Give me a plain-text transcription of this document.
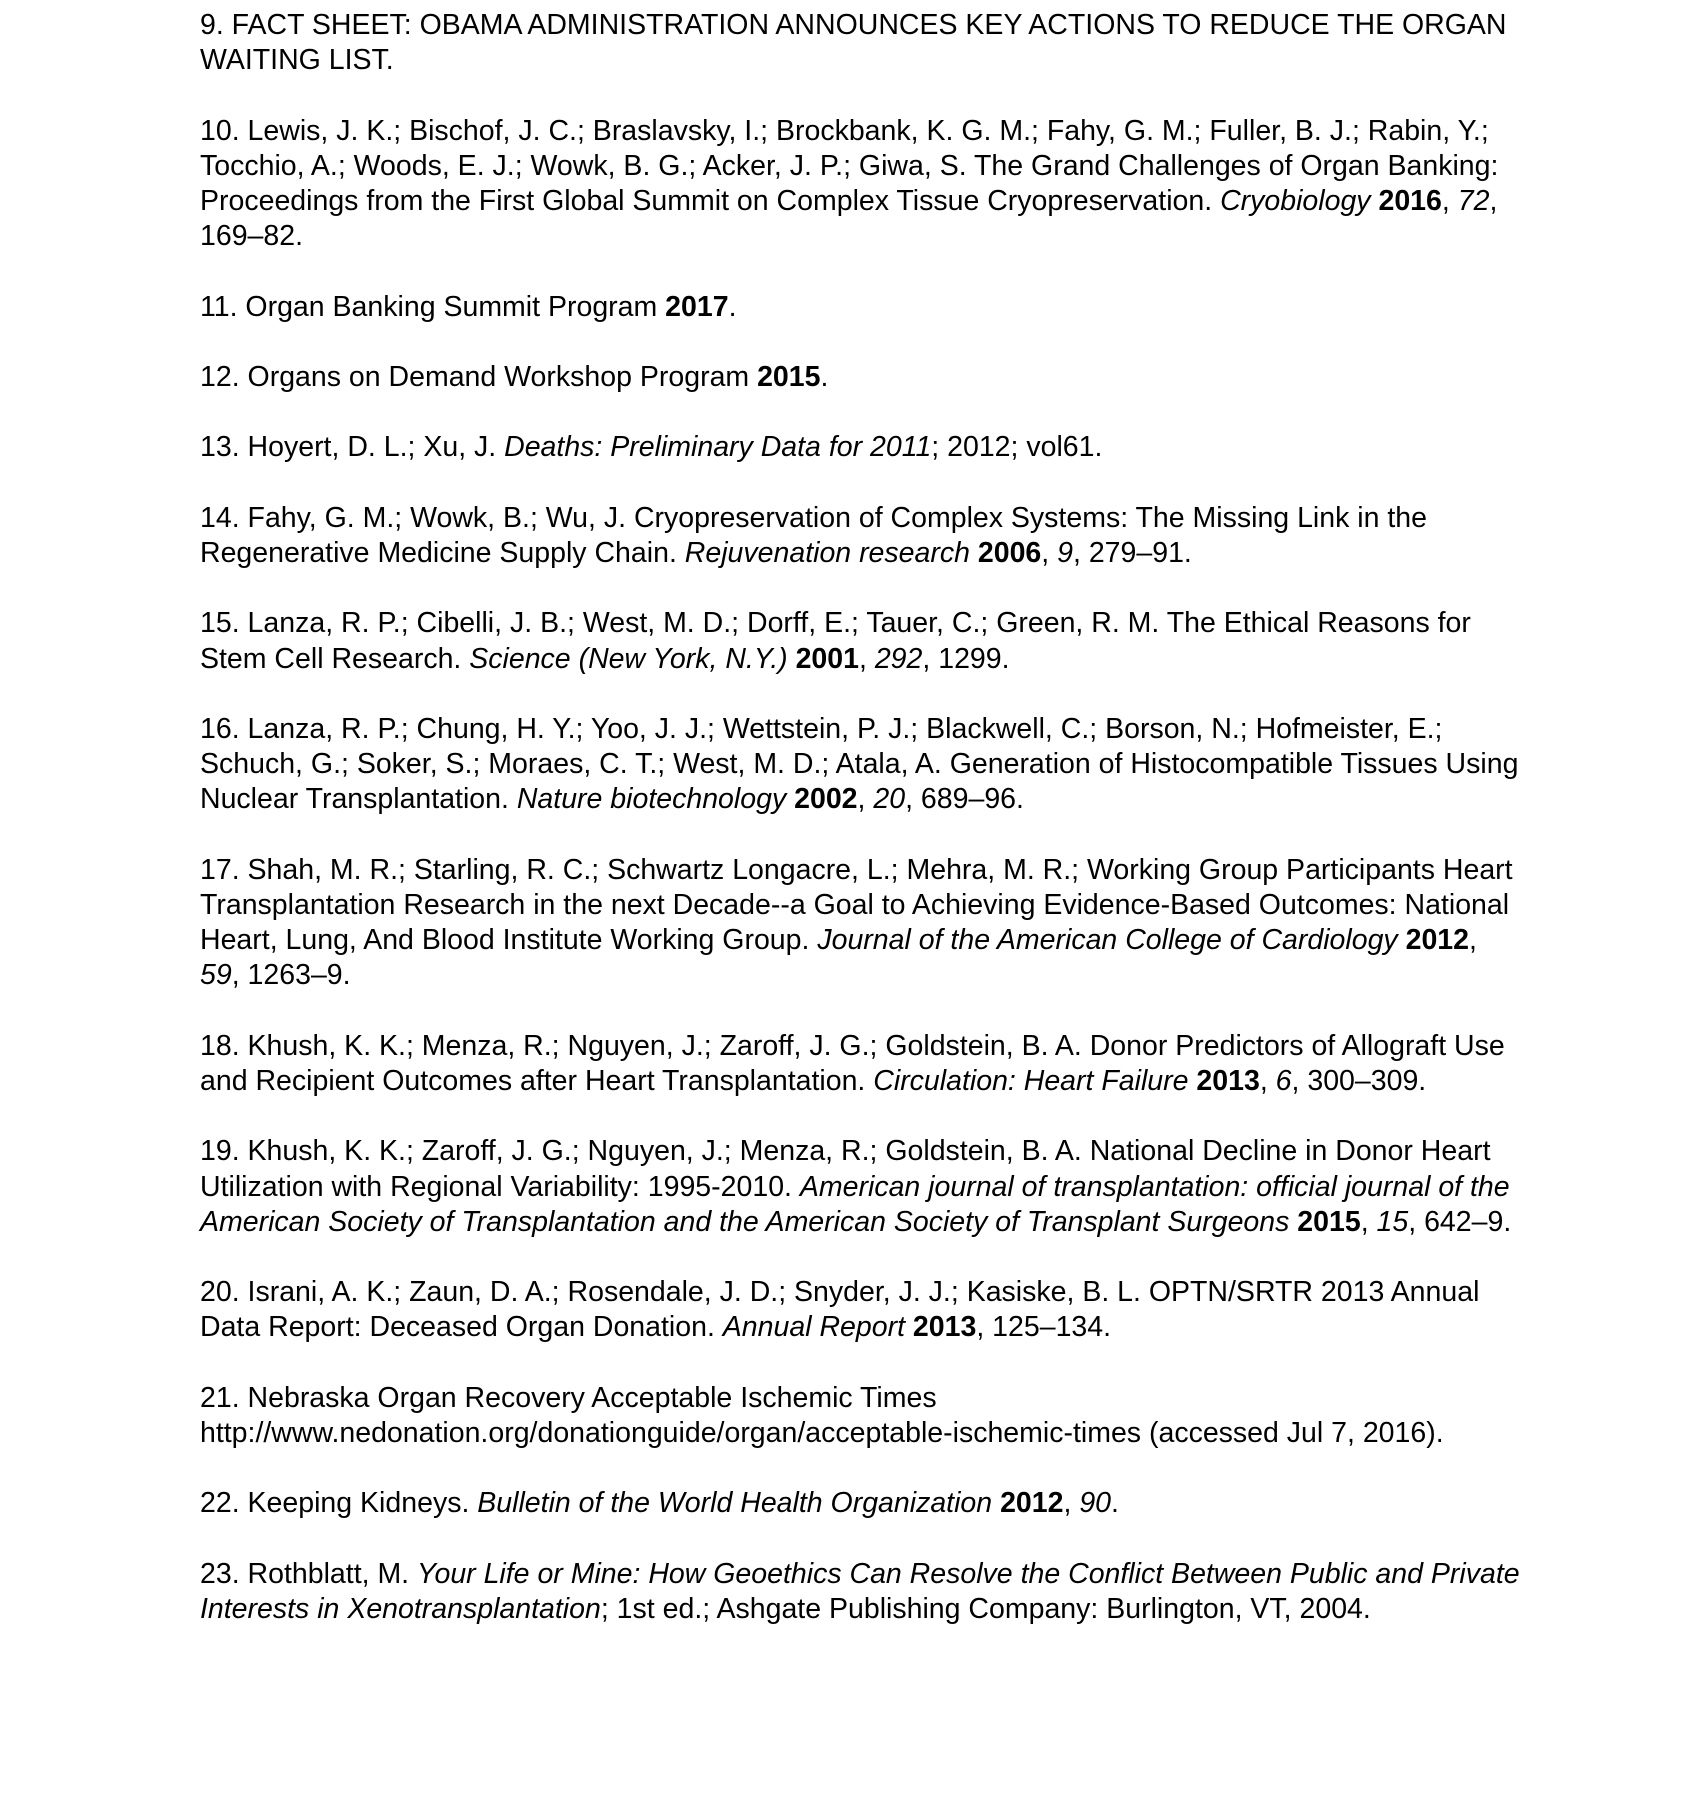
9. FACT SHEET: OBAMA ADMINISTRATION ANNOUNCES KEY ACTIONS TO REDUCE THE ORGAN WAITING LIST.

10. Lewis, J. K.; Bischof, J. C.; Braslavsky, I.; Brockbank, K. G. M.; Fahy, G. M.; Fuller, B. J.; Rabin, Y.; Tocchio, A.; Woods, E. J.; Wowk, B. G.; Acker, J. P.; Giwa, S. The Grand Challenges of Organ Banking: Proceedings from the First Global Summit on Complex Tissue Cryopreservation. Cryobiology 2016, 72, 169–82.

11. Organ Banking Summit Program 2017.

12. Organs on Demand Workshop Program 2015.

13. Hoyert, D. L.; Xu, J. Deaths: Preliminary Data for 2011; 2012; vol61.

14. Fahy, G. M.; Wowk, B.; Wu, J. Cryopreservation of Complex Systems: The Missing Link in the Regenerative Medicine Supply Chain. Rejuvenation research 2006, 9, 279–91.

15. Lanza, R. P.; Cibelli, J. B.; West, M. D.; Dorff, E.; Tauer, C.; Green, R. M. The Ethical Reasons for Stem Cell Research. Science (New York, N.Y.) 2001, 292, 1299.

16. Lanza, R. P.; Chung, H. Y.; Yoo, J. J.; Wettstein, P. J.; Blackwell, C.; Borson, N.; Hofmeister, E.; Schuch, G.; Soker, S.; Moraes, C. T.; West, M. D.; Atala, A. Generation of Histocompatible Tissues Using Nuclear Transplantation. Nature biotechnology 2002, 20, 689–96.

17. Shah, M. R.; Starling, R. C.; Schwartz Longacre, L.; Mehra, M. R.; Working Group Participants Heart Transplantation Research in the next Decade--a Goal to Achieving Evidence-Based Outcomes: National Heart, Lung, And Blood Institute Working Group. Journal of the American College of Cardiology 2012, 59, 1263–9.

18. Khush, K. K.; Menza, R.; Nguyen, J.; Zaroff, J. G.; Goldstein, B. A. Donor Predictors of Allograft Use and Recipient Outcomes after Heart Transplantation. Circulation: Heart Failure 2013, 6, 300–309.

19. Khush, K. K.; Zaroff, J. G.; Nguyen, J.; Menza, R.; Goldstein, B. A. National Decline in Donor Heart Utilization with Regional Variability: 1995-2010. American journal of transplantation: official journal of the American Society of Transplantation and the American Society of Transplant Surgeons 2015, 15, 642–9.

20. Israni, A. K.; Zaun, D. A.; Rosendale, J. D.; Snyder, J. J.; Kasiske, B. L. OPTN/SRTR 2013 Annual Data Report: Deceased Organ Donation. Annual Report 2013, 125–134.

21. Nebraska Organ Recovery Acceptable Ischemic Times http://www.nedonation.org/donationguide/organ/acceptable-ischemic-times (accessed Jul 7, 2016).

22. Keeping Kidneys. Bulletin of the World Health Organization 2012, 90.

23. Rothblatt, M. Your Life or Mine: How Geoethics Can Resolve the Conflict Between Public and Private Interests in Xenotransplantation; 1st ed.; Ashgate Publishing Company: Burlington, VT, 2004.
